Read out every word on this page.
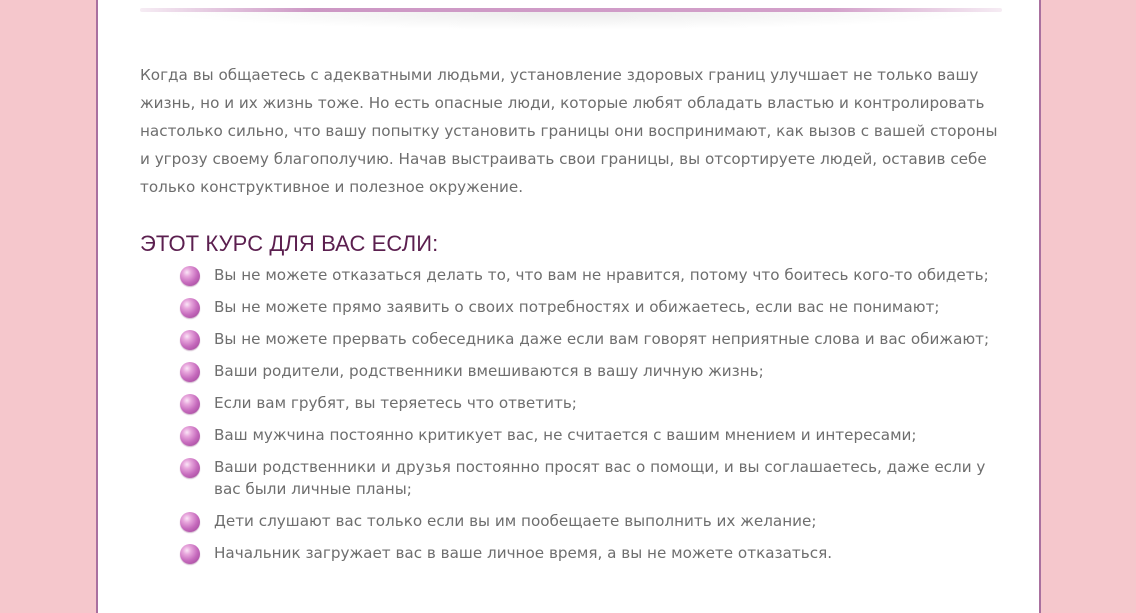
Когда вы общаетесь с адекватными людьми, установление здоровых границ улучшает не только вашу жизнь, но и их жизнь тоже. Но есть опасные люди, которые любят обладать властью и контролировать настолько сильно, что вашу попытку установить границы они воспринимают, как вызов с вашей стороны и угрозу своему благополучию. Начав выстраивать свои границы, вы отсортируете людей, оставив себе только конструктивное и полезное окружение.

ЭТОТ КУРС ДЛЯ ВАС ЕСЛИ:
Вы не можете отказаться делать то, что вам не нравится, потому что боитесь кого-то обидеть;
Вы не можете прямо заявить о своих потребностях и обижаетесь, если вас не понимают;
Вы не можете прервать собеседника даже если вам говорят неприятные слова и вас обижают;
Ваши родители, родственники вмешиваются в вашу личную жизнь;
Если вам грубят, вы теряетесь что ответить;
Ваш мужчина постоянно критикует вас, не считается с вашим мнением и интересами;
Ваши родственники и друзья постоянно просят вас о помощи, и вы соглашаетесь, даже если у вас были личные планы;
Дети слушают вас только если вы им пообещаете выполнить их желание;
Начальник загружает вас в ваше личное время, а вы не можете отказаться.
